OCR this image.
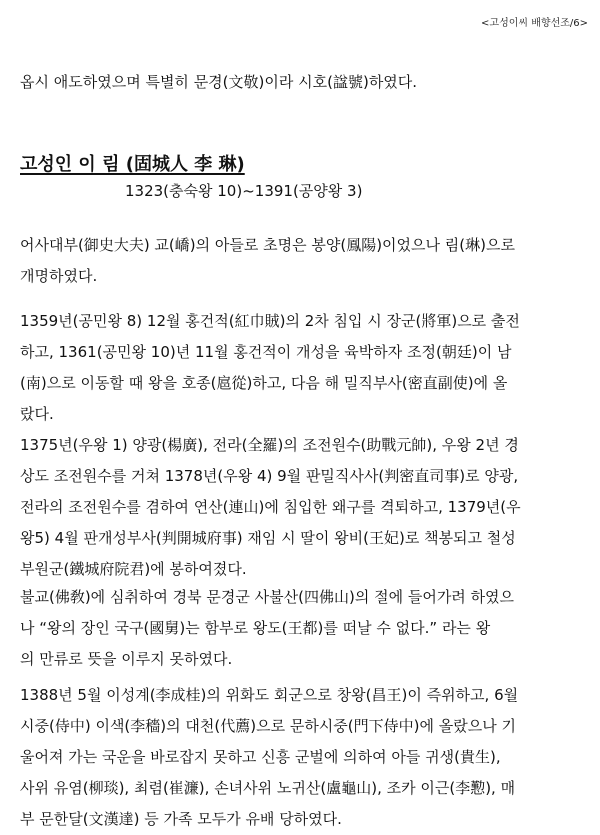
<고성이씨 배향선조/6>
옵시 애도하였으며 특별히 문경(文敬)이라 시호(諡號)하였다.
고성인 이 림 (固城人 李 琳)
1323(충숙왕 10)~1391(공양왕 3)
어사대부(御史大夫) 교(嶠)의 아들로 초명은 봉양(鳳陽)이었으나 림(琳)으로
개명하였다.
1359년(공민왕 8) 12월 홍건적(紅巾賊)의 2차 침입 시 장군(將軍)으로 출전
하고, 1361(공민왕 10)년 11월 홍건적이 개성을 육박하자 조정(朝廷)이 남
(南)으로 이동할 때 왕을 호종(扈從)하고, 다음 해 밀직부사(密直副使)에 올
랐다.
1375년(우왕 1) 양광(楊廣), 전라(全羅)의 조전원수(助戰元帥), 우왕 2년 경
상도 조전원수를 거쳐 1378년(우왕 4) 9월 판밀직사사(判密直司事)로 양광,
전라의 조전원수를 겸하여 연산(連山)에 침입한 왜구를 격퇴하고, 1379년(우
왕5) 4월 판개성부사(判開城府事) 재임 시 딸이 왕비(王妃)로 책봉되고 철성
부원군(鐵城府院君)에 봉하여졌다.
불교(佛敎)에 심취하여 경북 문경군 사불산(四佛山)의 절에 들어가려 하였으
나 “왕의 장인 국구(國舅)는 함부로 왕도(王都)를 떠날 수 없다.” 라는 왕
의 만류로 뜻을 이루지 못하였다.
1388년 5월 이성계(李成桂)의 위화도 회군으로 창왕(昌王)이 즉위하고, 6월
시중(侍中) 이색(李穡)의 대천(代薦)으로 문하시중(門下侍中)에 올랐으나 기
울어져 가는 국운을 바로잡지 못하고 신흥 군벌에 의하여 아들 귀생(貴生),
사위 유염(柳琰), 최렴(崔濂), 손녀사위 노귀산(盧龜山), 조카 이근(李懃), 매
부 문한달(文漢達) 등 가족 모두가 유배 당하였다.
